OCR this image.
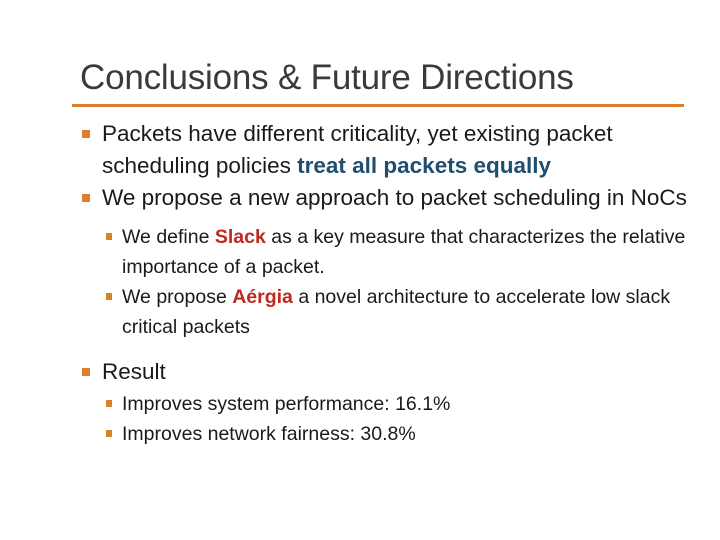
Conclusions & Future Directions
Packets have different criticality, yet existing packet scheduling policies treat all packets equally
We propose a new approach to packet scheduling in NoCs
We define Slack as a key measure that characterizes the relative importance of a packet.
We propose Aérgia a novel architecture to accelerate low slack critical packets
Result
Improves system performance: 16.1%
Improves network fairness: 30.8%
